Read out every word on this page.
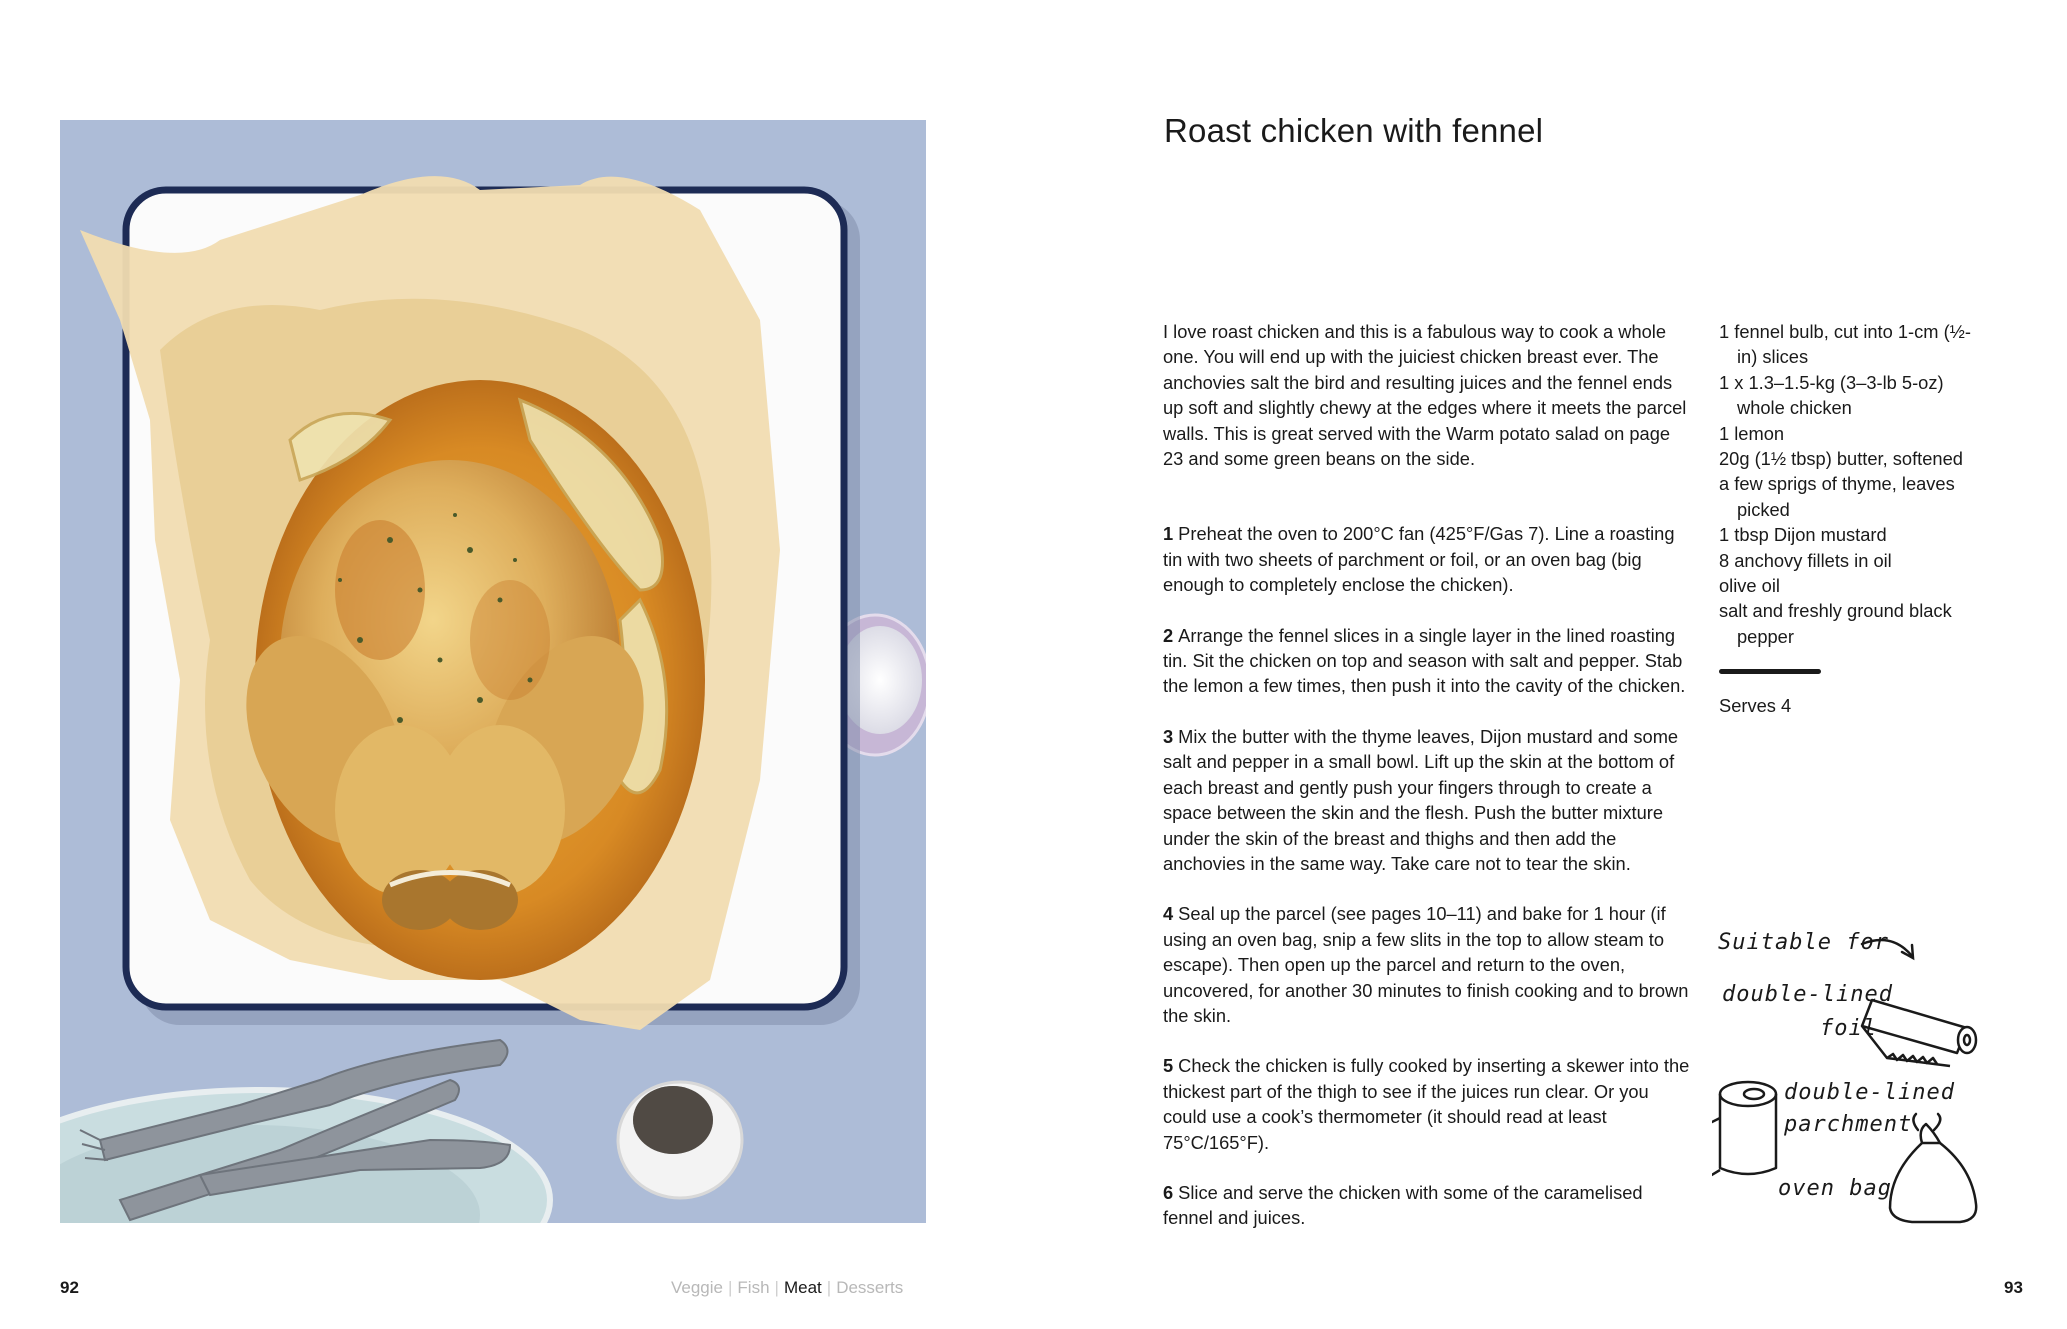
92	Veggie | Fish | Meat | Desserts
Roast chicken with fennel

I love roast chicken and this is a fabulous way to cook a whole one. You will end up with the juiciest chicken breast ever. The anchovies salt the bird and resulting juices and the fennel ends up soft and slightly chewy at the edges where it meets the parcel walls. This is great served with the Warm potato salad on page 23 and some green beans on the side.

1 Preheat the oven to 200°C fan (425°F/Gas 7). Line a roasting tin with two sheets of parchment or foil, or an oven bag (big enough to completely enclose the chicken).

2 Arrange the fennel slices in a single layer in the lined roasting tin. Sit the chicken on top and season with salt and pepper. Stab the lemon a few times, then push it into the cavity of the chicken.

3 Mix the butter with the thyme leaves, Dijon mustard and some salt and pepper in a small bowl. Lift up the skin at the bottom of each breast and gently push your fingers through to create a space between the skin and the flesh. Push the butter mixture under the skin of the breast and thighs and then add the anchovies in the same way. Take care not to tear the skin.

4 Seal up the parcel (see pages 10–11) and bake for 1 hour (if using an oven bag, snip a few slits in the top to allow steam to escape). Then open up the parcel and return to the oven, uncovered, for another 30 minutes to finish cooking and to brown the skin.

5 Check the chicken is fully cooked by inserting a skewer into the thickest part of the thigh to see if the juices run clear. Or you could use a cook’s thermometer (it should read at least 75°C/165°F).

6 Slice and serve the chicken with some of the caramelised fennel and juices.

1 fennel bulb, cut into 1-cm (½-in) slices
1 x 1.3–1.5-kg (3–3-lb 5-oz) whole chicken
1 lemon
20g (1½ tbsp) butter, softened
a few sprigs of thyme, leaves picked
1 tbsp Dijon mustard
8 anchovy fillets in oil
olive oil
salt and freshly ground black pepper
Serves 4
Suitable for
double-lined
foil
double-lined
parchment
oven bag
93
